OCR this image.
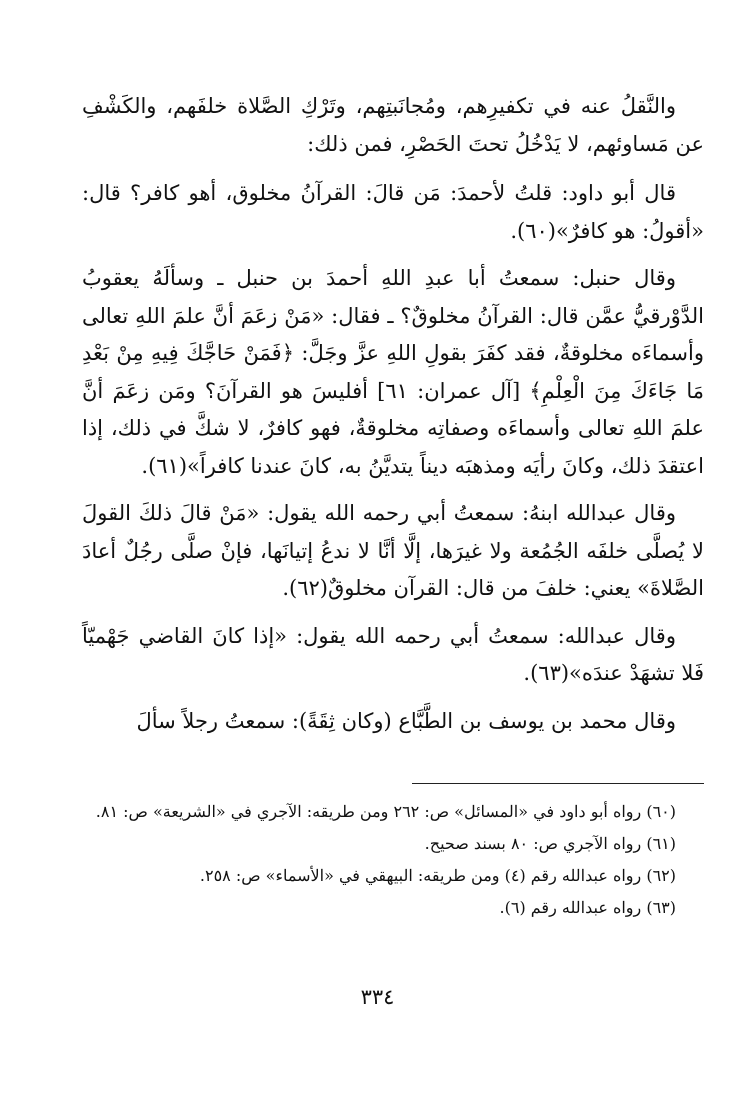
والنَّقلُ عنه في تكفيرِهم، ومُجانَبتِهم، وتَرْكِ الصَّلاة خلفَهم، والكَشْفِ عن مَساوئهم، لا يَدْخُلُ تحتَ الحَصْرِ، فمن ذلك:

قال أبو داود: قلتُ لأحمدَ: مَن قالَ: القرآنُ مخلوق، أهو كافر؟ قال: «أقولُ: هو كافرٌ»(٦٠).

وقال حنبل: سمعتُ أبا عبدِ اللهِ أحمدَ بن حنبل ـ وسألَهُ يعقوبُ الدَّوْرقيُّ عمَّن قال: القرآنُ مخلوقٌ؟ ـ فقال: «مَنْ زعَمَ أنَّ علمَ اللهِ تعالى وأسماءَه مخلوقةٌ، فقد كفَرَ بقولِ اللهِ عزَّ وجَلَّ: ﴿فَمَنْ حَاجَّكَ فِيهِ مِنْ بَعْدِ مَا جَاءَكَ مِنَ الْعِلْمِ﴾ [آل عمران: ٦١] أفليسَ هو القرآنَ؟ ومَن زعَمَ أنَّ علمَ اللهِ تعالى وأسماءَه وصفاتِه مخلوقةٌ، فهو كافرٌ، لا شكَّ في ذلك، إذا اعتقدَ ذلك، وكانَ رأيَه ومذهبَه ديناً يتديَّنُ به، كانَ عندنا كافراً»(٦١).

وقال عبدالله ابنهُ: سمعتُ أبي رحمه الله يقول: «مَنْ قالَ ذلكَ القولَ لا يُصلَّى خلفَه الجُمُعة ولا غيرَها، إلَّا أنَّا لا ندعُ إتيانَها، فإنْ صلَّى رجُلٌ أعادَ الصَّلاةَ» يعني: خلفَ من قال: القرآن مخلوقٌ(٦٢).

وقال عبدالله: سمعتُ أبي رحمه الله يقول: «إذا كانَ القاضي جَهْميّاً فَلا تشهَدْ عندَه»(٦٣).

وقال محمد بن يوسف بن الطَّبَّاع (وكان ثِقَةً): سمعتُ رجلاً سألَ

(٦٠) رواه أبو داود في «المسائل» ص: ٢٦٢ ومن طريقه: الآجري في «الشريعة» ص: ٨١.

(٦١) رواه الآجري ص: ٨٠ بسند صحيح.

(٦٢) رواه عبدالله رقم (٤) ومن طريقه: البيهقي في «الأسماء» ص: ٢٥٨.

(٦٣) رواه عبدالله رقم (٦).

٣٣٤
